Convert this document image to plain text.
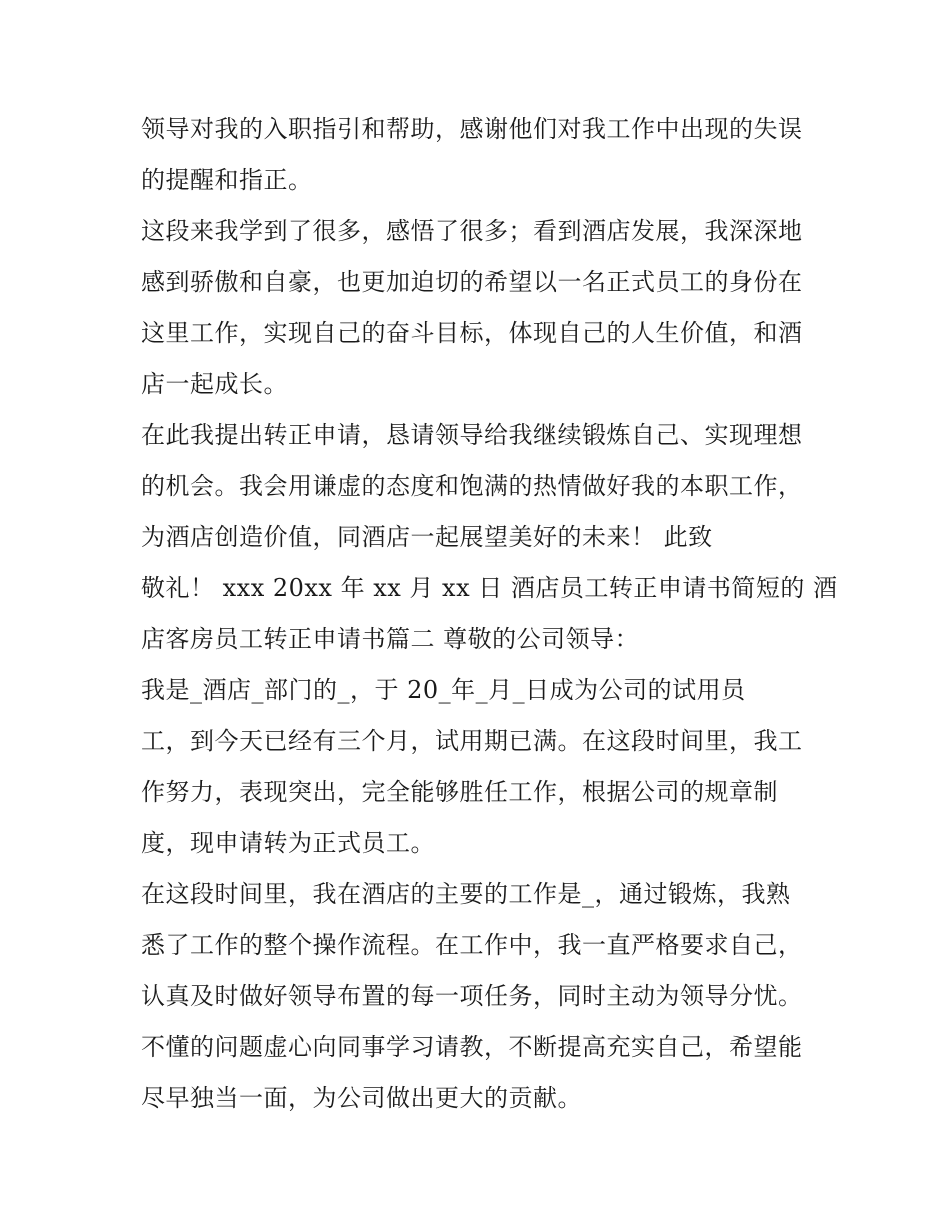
领导对我的入职指引和帮助，感谢他们对我工作中出现的失误
的提醒和指正。
这段来我学到了很多，感悟了很多；看到酒店发展，我深深地
感到骄傲和自豪，也更加迫切的希望以一名正式员工的身份在
这里工作，实现自己的奋斗目标，体现自己的人生价值，和酒
店一起成长。
在此我提出转正申请，恳请领导给我继续锻炼自己、实现理想
的机会。我会用谦虚的态度和饱满的热情做好我的本职工作，
为酒店创造价值，同酒店一起展望美好的未来！ 此致
敬礼！ xxx 20xx 年 xx 月 xx 日 酒店员工转正申请书简短的 酒
店客房员工转正申请书篇二 尊敬的公司领导：
我是_酒店_部门的_，于 20_年_月_日成为公司的试用员
工，到今天已经有三个月，试用期已满。在这段时间里，我工
作努力，表现突出，完全能够胜任工作，根据公司的规章制
度，现申请转为正式员工。
在这段时间里，我在酒店的主要的工作是_，通过锻炼，我熟
悉了工作的整个操作流程。在工作中，我一直严格要求自己，
认真及时做好领导布置的每一项任务，同时主动为领导分忧。
不懂的问题虚心向同事学习请教，不断提高充实自己，希望能
尽早独当一面，为公司做出更大的贡献。
